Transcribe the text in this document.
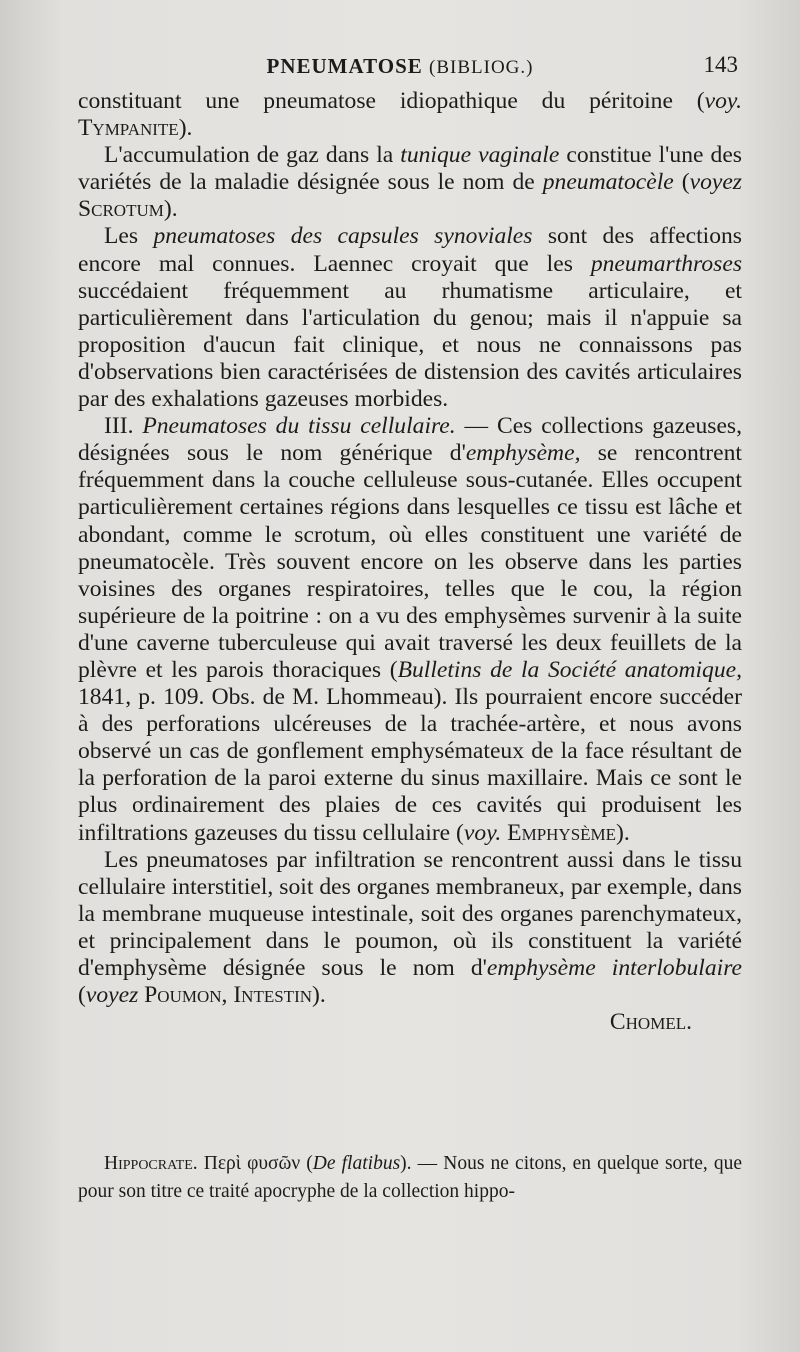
PNEUMATOSE (BIBLIOG.)	143

constituant une pneumatose idiopathique du péritoine (voy. Tympanite).

L'accumulation de gaz dans la tunique vaginale constitue l'une des variétés de la maladie désignée sous le nom de pneumatocèle (voyez Scrotum).

Les pneumatoses des capsules synoviales sont des affections encore mal connues. Laennec croyait que les pneumarthroses succédaient fréquemment au rhumatisme articulaire, et particulièrement dans l'articulation du genou; mais il n'appuie sa proposition d'aucun fait clinique, et nous ne connaissons pas d'observations bien caractérisées de distension des cavités articulaires par des exhalations gazeuses morbides.

III. Pneumatoses du tissu cellulaire. — Ces collections gazeuses, désignées sous le nom générique d'emphysème, se rencontrent fréquemment dans la couche celluleuse sous-cutanée. Elles occupent particulièrement certaines régions dans lesquelles ce tissu est lâche et abondant, comme le scrotum, où elles constituent une variété de pneumatocèle. Très souvent encore on les observe dans les parties voisines des organes respiratoires, telles que le cou, la région supérieure de la poitrine : on a vu des emphysèmes survenir à la suite d'une caverne tuberculeuse qui avait traversé les deux feuillets de la plèvre et les parois thoraciques (Bulletins de la Société anatomique, 1841, p. 109. Obs. de M. Lhommeau). Ils pourraient encore succéder à des perforations ulcéreuses de la trachée-artère, et nous avons observé un cas de gonflement emphysémateux de la face résultant de la perforation de la paroi externe du sinus maxillaire. Mais ce sont le plus ordinairement des plaies de ces cavités qui produisent les infiltrations gazeuses du tissu cellulaire (voy. Emphysème).

Les pneumatoses par infiltration se rencontrent aussi dans le tissu cellulaire interstitiel, soit des organes membraneux, par exemple, dans la membrane muqueuse intestinale, soit des organes parenchymateux, et principalement dans le poumon, où ils constituent la variété d'emphysème désignée sous le nom d'emphysème interlobulaire (voyez Poumon, Intestin).

Chomel.

Hippocrate. Περὶ φυσῶν (De flatibus). — Nous ne citons, en quelque sorte, que pour son titre ce traité apocryphe de la collection hippo-
